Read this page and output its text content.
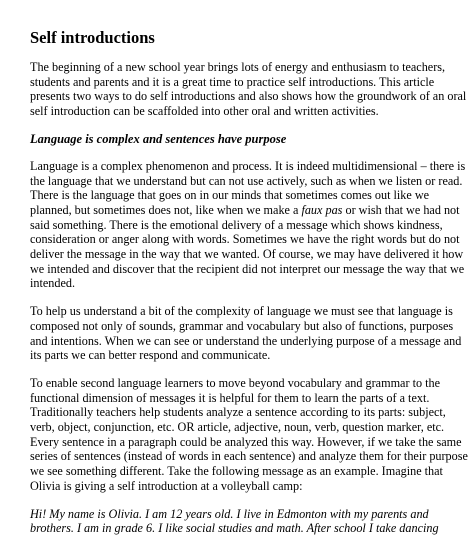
Self introductions

The beginning of a new school year brings lots of energy and enthusiasm to teachers,
students and parents and it is a great time to practice self introductions. This article
presents two ways to do self introductions and also shows how the groundwork of an oral
self introduction can be scaffolded into other oral and written activities.

Language is complex and sentences have purpose

Language is a complex phenomenon and process. It is indeed multidimensional – there is
the language that we understand but can not use actively, such as when we listen or read.
There is the language that goes on in our minds that sometimes comes out like we
planned, but sometimes does not, like when we make a faux pas or wish that we had not
said something. There is the emotional delivery of a message which shows kindness,
consideration or anger along with words. Sometimes we have the right words but do not
deliver the message in the way that we wanted. Of course, we may have delivered it how
we intended and discover that the recipient did not interpret our message the way that we
intended.

To help us understand a bit of the complexity of language we must see that language is
composed not only of sounds, grammar and vocabulary but also of functions, purposes
and intentions. When we can see or understand the underlying purpose of a message and
its parts we can better respond and communicate.

To enable second language learners to move beyond vocabulary and grammar to the
functional dimension of messages it is helpful for them to learn the parts of a text.
Traditionally teachers help students analyze a sentence according to its parts: subject,
verb, object, conjunction, etc. OR article, adjective, noun, verb, question marker, etc.
Every sentence in a paragraph could be analyzed this way. However, if we take the same
series of sentences (instead of words in each sentence) and analyze them for their purpose
we see something different. Take the following message as an example. Imagine that
Olivia is giving a self introduction at a volleyball camp:

Hi! My name is Olivia. I am 12 years old. I live in Edmonton with my parents and
brothers. I am in grade 6. I like social studies and math. After school I take dancing
